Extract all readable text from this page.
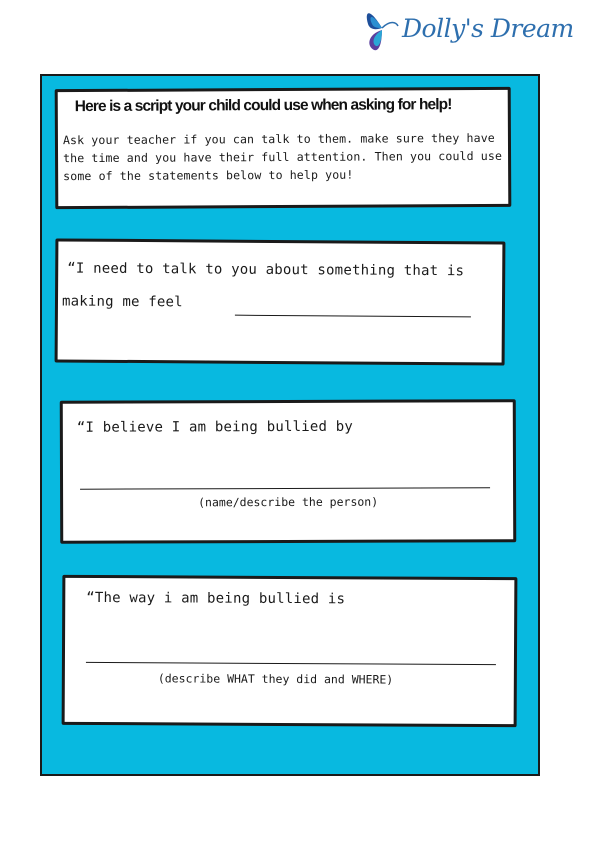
Dolly's Dream
Here is a script your child could use when asking for help!
Ask your teacher if you can talk to them. make sure they have the time and you have their full attention. Then you could use some of the statements below to help you!
“I need to talk to you about something that is
making me feel
“I believe I am being bullied by
(name/describe the person)
“The way i am being bullied is
(describe WHAT they did and WHERE)
